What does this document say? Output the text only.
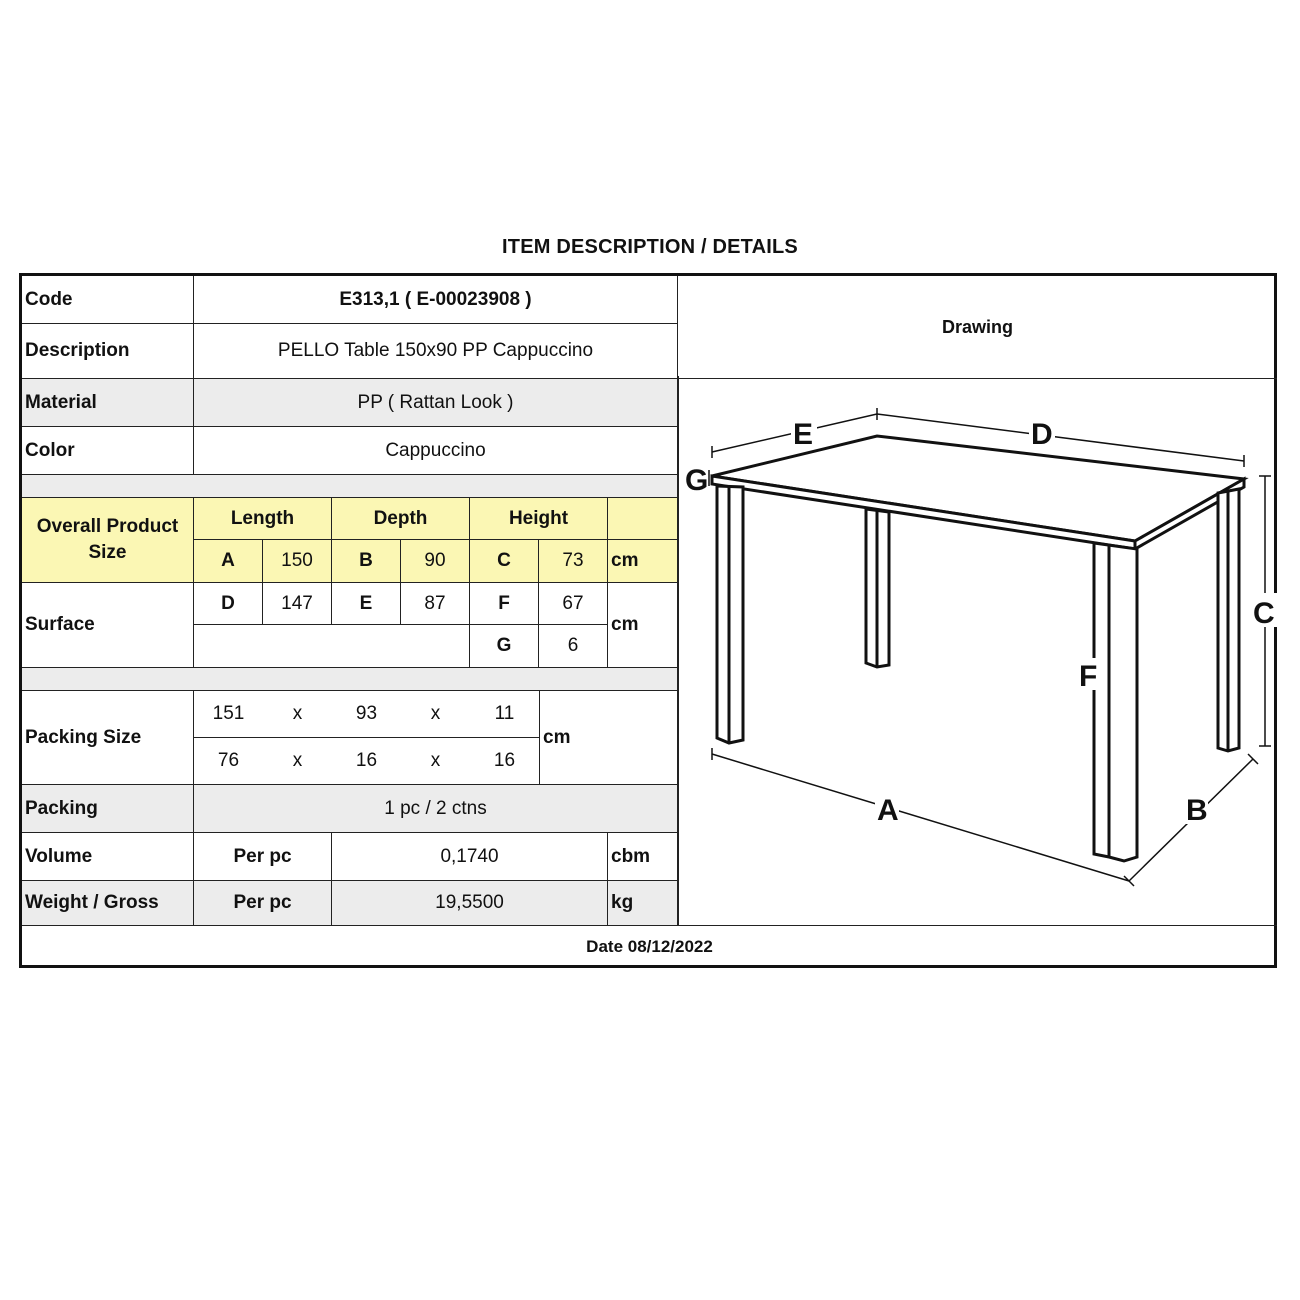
ITEM DESCRIPTION / DETAILS
Code	E313,1 ( E-00023908 )
Drawing
Description	PELLO Table 150x90 PP Cappuccino
Material	PP ( Rattan Look )
Color	Cappuccino
Overall Product Size
Length	Depth	Height
A	150	B	90	C	73	cm
Surface
D	147	E	87	F	67
cm
G	6
Packing Size
151	x	93	x	11
76	x	16	x	16
cm
Packing	1 pc / 2 ctns
Volume	Per pc	0,1740	cbm
Weight / Gross	Per pc	19,5500	kg
E	D
G
C
F
A	B
Date 08/12/2022
